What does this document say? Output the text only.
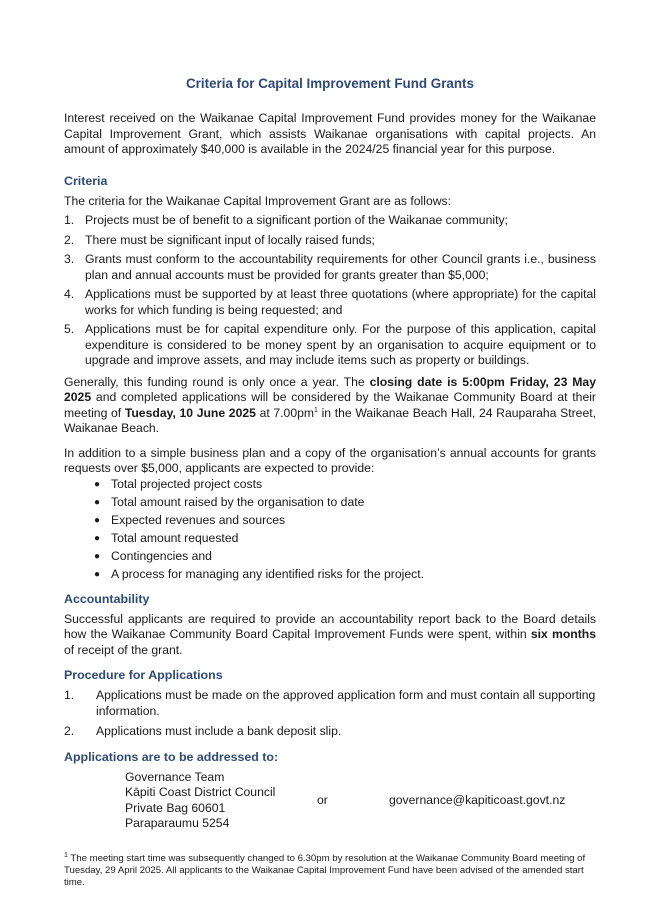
Criteria for Capital Improvement Fund Grants

Interest received on the Waikanae Capital Improvement Fund provides money for the Waikanae Capital Improvement Grant, which assists Waikanae organisations with capital projects. An amount of approximately $40,000 is available in the 2024/25 financial year for this purpose.

Criteria

The criteria for the Waikanae Capital Improvement Grant are as follows:

1. Projects must be of benefit to a significant portion of the Waikanae community;
2. There must be significant input of locally raised funds;
3. Grants must conform to the accountability requirements for other Council grants i.e., business plan and annual accounts must be provided for grants greater than $5,000;
4. Applications must be supported by at least three quotations (where appropriate) for the capital works for which funding is being requested; and
5. Applications must be for capital expenditure only. For the purpose of this application, capital expenditure is considered to be money spent by an organisation to acquire equipment or to upgrade and improve assets, and may include items such as property or buildings.

Generally, this funding round is only once a year. The closing date is 5:00pm Friday, 23 May 2025 and completed applications will be considered by the Waikanae Community Board at their meeting of Tuesday, 10 June 2025 at $7.00pm^1$ in the Waikanae Beach Hall, 24 Rauparaha Street, Waikanae Beach.

In addition to a simple business plan and a copy of the organisation’s annual accounts for grants requests over $5,000, applicants are expected to provide:

● Total projected project costs
● Total amount raised by the organisation to date
● Expected revenues and sources
● Total amount requested
● Contingencies and
● A process for managing any identified risks for the project.
Accountability

Successful applicants are required to provide an accountability report back to the Board details how the Waikanae Community Board Capital Improvement Funds were spent, within six months of receipt of the grant.

Procedure for Applications
1.	Applications must be made on the approved application form and must contain all supporting information.
2.	Applications must include a bank deposit slip.
Applications are to be addressed to:
Governance Team
Kāpiti Coast District Council
Private Bag 60601
Paraparaumu 5254
or	governance@kapiticoast.govt.nz
$^1$ The meeting start time was subsequently changed to 6.30pm by resolution at the Waikanae Community Board meeting of Tuesday, 29 April 2025. All applicants to the Waikanae Capital Improvement Fund have been advised of the amended start time.
